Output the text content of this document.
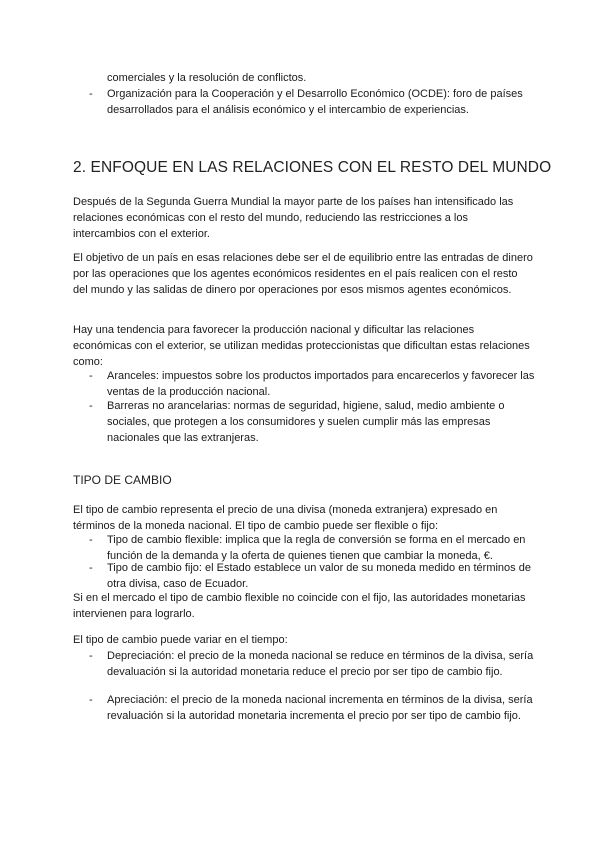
comerciales y la resolución de conflictos.
- Organización para la Cooperación y el Desarrollo Económico (OCDE): foro de países desarrollados para el análisis económico y el intercambio de experiencias.
2. ENFOQUE EN LAS RELACIONES CON EL RESTO DEL MUNDO

Después de la Segunda Guerra Mundial la mayor parte de los países han intensificado las relaciones económicas con el resto del mundo, reduciendo las restricciones a los intercambios con el exterior.

El objetivo de un país en esas relaciones debe ser el de equilibrio entre las entradas de dinero por las operaciones que los agentes económicos residentes en el país realicen con el resto del mundo y las salidas de dinero por operaciones por esos mismos agentes económicos.

Hay una tendencia para favorecer la producción nacional y dificultar las relaciones económicas con el exterior, se utilizan medidas proteccionistas que dificultan estas relaciones como:

- Aranceles: impuestos sobre los productos importados para encarecerlos y favorecer las ventas de la producción nacional.
- Barreras no arancelarias: normas de seguridad, higiene, salud, medio ambiente o sociales, que protegen a los consumidores y suelen cumplir más las empresas nacionales que las extranjeras.
TIPO DE CAMBIO

El tipo de cambio representa el precio de una divisa (moneda extranjera) expresado en términos de la moneda nacional. El tipo de cambio puede ser flexible o fijo:

- Tipo de cambio flexible: implica que la regla de conversión se forma en el mercado en función de la demanda y la oferta de quienes tienen que cambiar la moneda, €.
- Tipo de cambio fijo: el Estado establece un valor de su moneda medido en términos de otra divisa, caso de Ecuador.

Si en el mercado el tipo de cambio flexible no coincide con el fijo, las autoridades monetarias intervienen para lograrlo.

El tipo de cambio puede variar en el tiempo:

- Depreciación: el precio de la moneda nacional se reduce en términos de la divisa, sería devaluación si la autoridad monetaria reduce el precio por ser tipo de cambio fijo.
- Apreciación: el precio de la moneda nacional incrementa en términos de la divisa, sería revaluación si la autoridad monetaria incrementa el precio por ser tipo de cambio fijo.
